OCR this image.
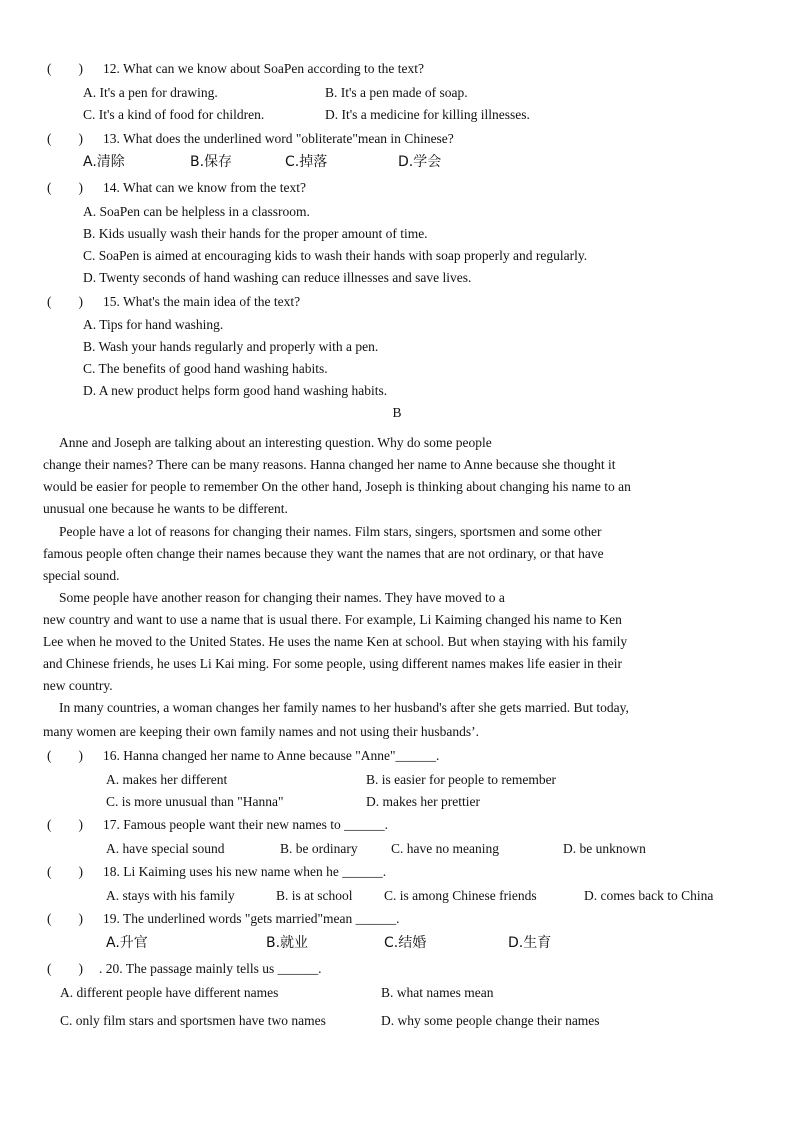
(　　) 12. What can we know about SoaPen according to the text?
A. It's a pen for drawing.	B. It's a pen made of soap.
C. It's a kind of food for children.	D. It's a medicine for killing illnesses.
(　　) 13. What does the underlined word "obliterate"mean in Chinese?
A.清除	B.保存	C.掉落	D.学会
(　　) 14. What can we know from the text?
A. SoaPen can be helpless in a classroom.
B. Kids usually wash their hands for the proper amount of time.
C. SoaPen is aimed at encouraging kids to wash their hands with soap properly and regularly.
D. Twenty seconds of hand washing can reduce illnesses and save lives.
(　　) 15. What's the main idea of the text?
A. Tips for hand washing.
B. Wash your hands regularly and properly with a pen.
C. The benefits of good hand washing habits.
D. A new product helps form good hand washing habits.
B
Anne and Joseph are talking about an interesting question. Why do some people
change their names? There can be many reasons. Hanna changed her name to Anne because she thought it
would be easier for people to remember On the other hand, Joseph is thinking about changing his name to an
unusual one because he wants to be different.
People have a lot of reasons for changing their names. Film stars, singers, sportsmen and some other
famous people often change their names because they want the names that are not ordinary, or that have
special sound.
Some people have another reason for changing their names. They have moved to a
new country and want to use a name that is usual there. For example, Li Kaiming changed his name to Ken
Lee when he moved to the United States. He uses the name Ken at school. But when staying with his family
and Chinese friends, he uses Li Kai ming. For some people, using different names makes life easier in their
new country.
In many countries, a woman changes her family names to her husband's after she gets married. But today,
many women are keeping their own family names and not using their husbands’.
(　　) 16. Hanna changed her name to Anne because "Anne"______.
A. makes her different	B. is easier for people to remember
C. is more unusual than "Hanna"	D. makes her prettier
(　　) 17. Famous people want their new names to ______.
A. have special sound	B. be ordinary C. have no meaning	D. be unknown
(　　) 18. Li Kaiming uses his new name when he ______.
A. stays with his family	B. is at school C. is among Chinese friends	D. comes back to China
(　　) 19. The underlined words "gets married"mean ______.
A.升官	B.就业	C.结婚	D.生育
(　　) . 20. The passage mainly tells us ______.
A. different people have different names	B. what names mean
C. only film stars and sportsmen have two names	D. why some people change their names
